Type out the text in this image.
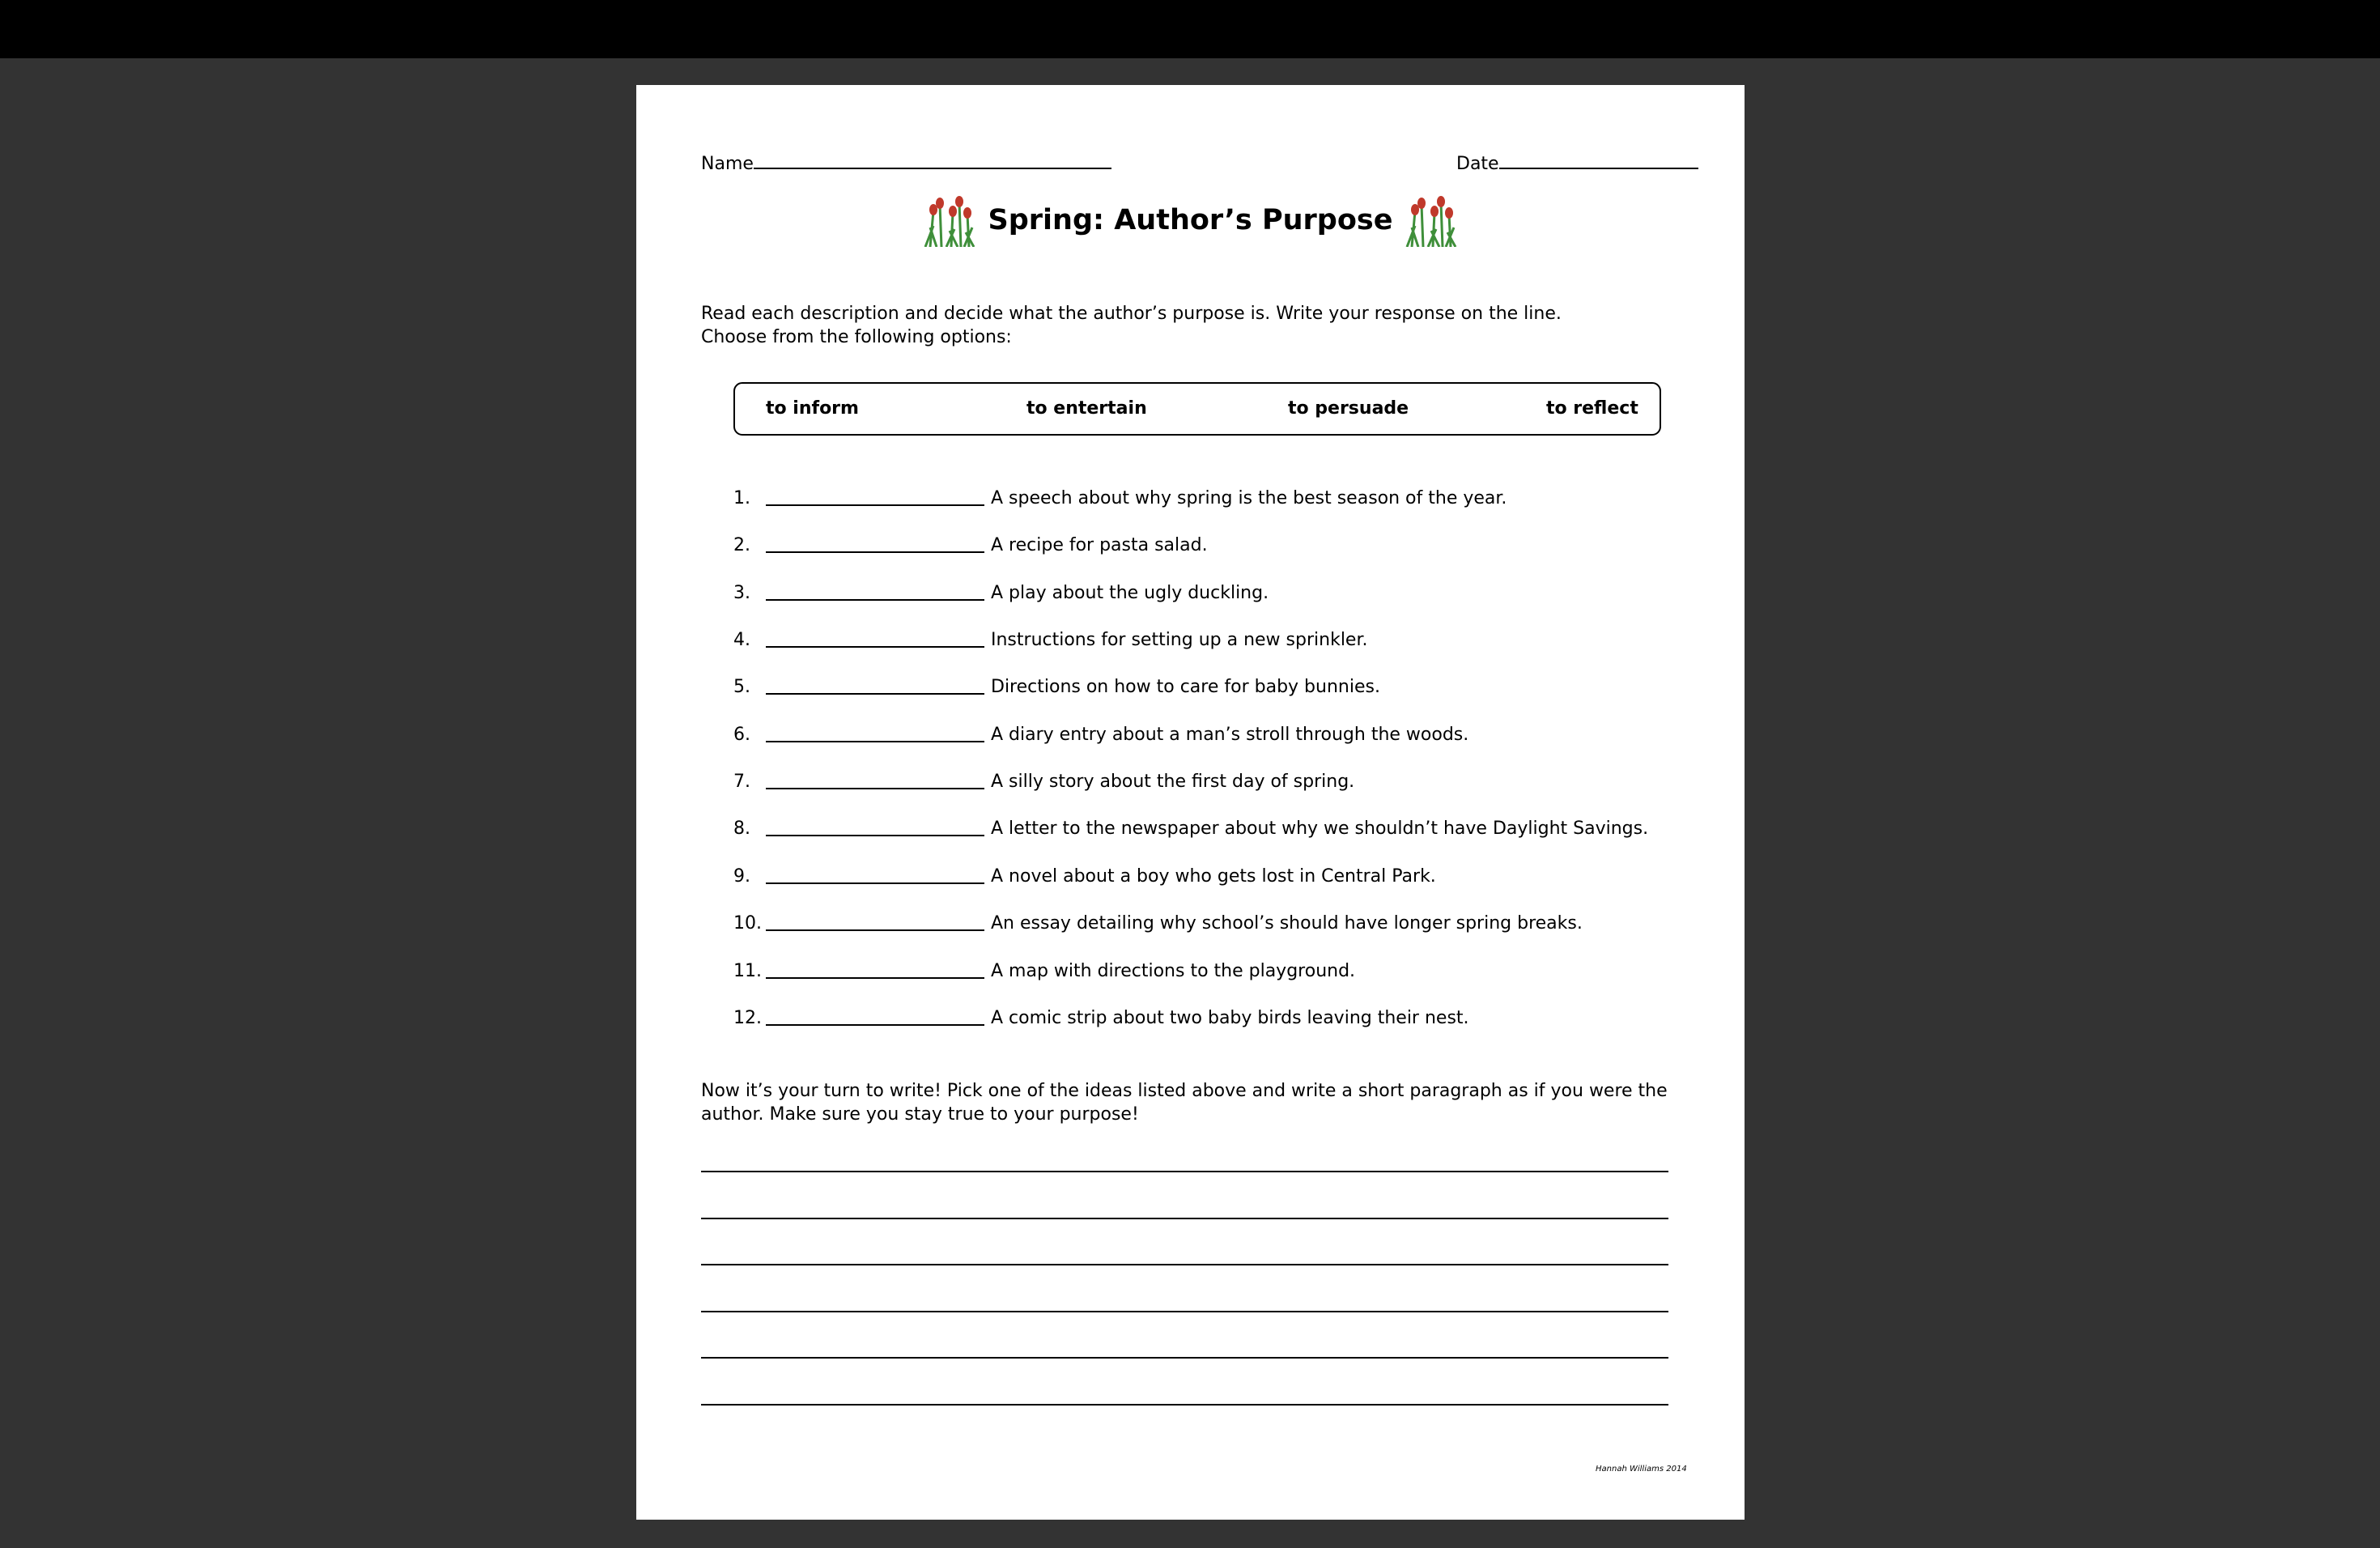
Name	Date
Spring: Author’s Purpose
Read each description and decide what the author’s purpose is. Write your response on the line.
Choose from the following options:
to inform	to entertain	to persuade	to reflect
1.	A speech about why spring is the best season of the year.
2.	A recipe for pasta salad.
3.	A play about the ugly duckling.
4.	Instructions for setting up a new sprinkler.
5.	Directions on how to care for baby bunnies.
6.	A diary entry about a man’s stroll through the woods.
7.	A silly story about the first day of spring.
8.	A letter to the newspaper about why we shouldn’t have Daylight Savings.
9.	A novel about a boy who gets lost in Central Park.
10.	An essay detailing why school’s should have longer spring breaks.
11.	A map with directions to the playground.
12.	A comic strip about two baby birds leaving their nest.
Now it’s your turn to write! Pick one of the ideas listed above and write a short paragraph as if you were the
author. Make sure you stay true to your purpose!
Hannah Williams 2014
